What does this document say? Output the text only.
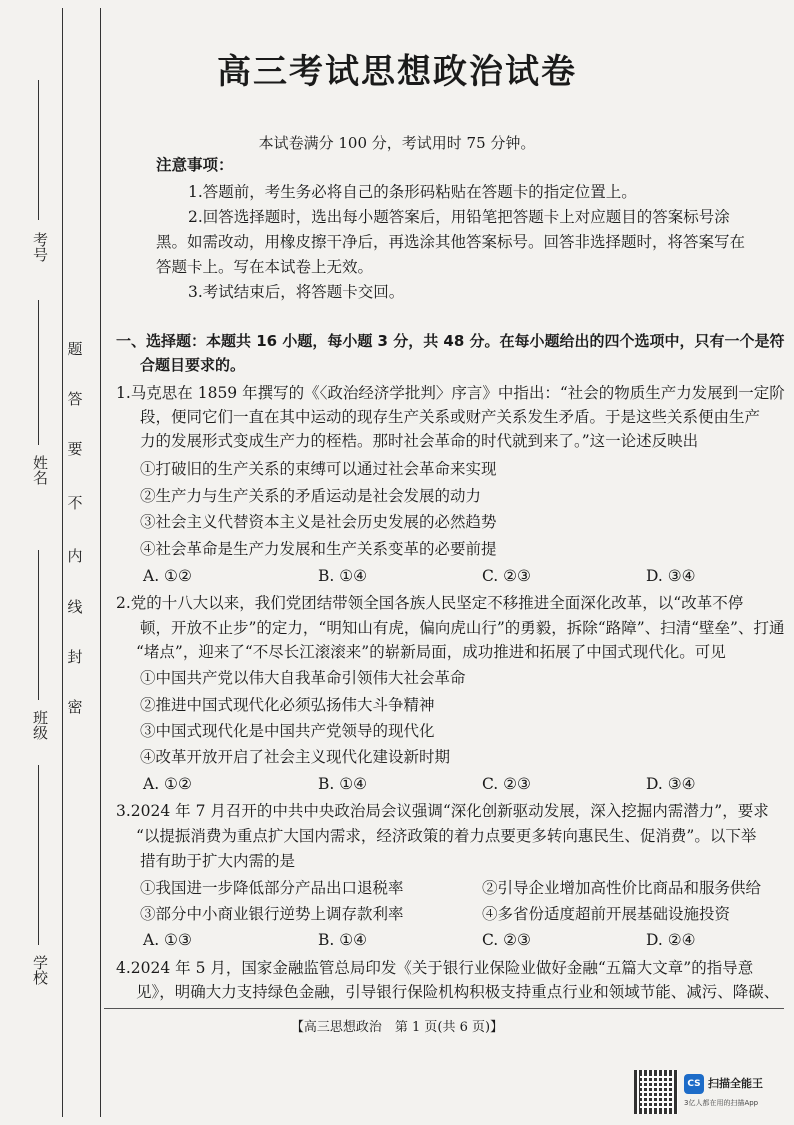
考号
姓名
班级
学校
题
答
要
不
内
线
封
密
高三考试思想政治试卷
本试卷满分 100 分，考试用时 75 分钟。
注意事项：
1.答题前，考生务必将自己的条形码粘贴在答题卡的指定位置上。
2.回答选择题时，选出每小题答案后，用铅笔把答题卡上对应题目的答案标号涂
黑。如需改动，用橡皮擦干净后，再选涂其他答案标号。回答非选择题时，将答案写在
答题卡上。写在本试卷上无效。
3.考试结束后，将答题卡交回。
一、选择题：本题共 16 小题，每小题 3 分，共 48 分。在每小题给出的四个选项中，只有一个是符
合题目要求的。
1.马克思在 1859 年撰写的《〈政治经济学批判〉序言》中指出：“社会的物质生产力发展到一定阶
段，便同它们一直在其中运动的现存生产关系或财产关系发生矛盾。于是这些关系便由生产
力的发展形式变成生产力的桎梏。那时社会革命的时代就到来了。”这一论述反映出
①打破旧的生产关系的束缚可以通过社会革命来实现
②生产力与生产关系的矛盾运动是社会发展的动力
③社会主义代替资本主义是社会历史发展的必然趋势
④社会革命是生产力发展和生产关系变革的必要前提
A. ①②	B. ①④	C. ②③	D. ③④
2.党的十八大以来，我们党团结带领全国各族人民坚定不移推进全面深化改革，以“改革不停
顿，开放不止步”的定力，“明知山有虎，偏向虎山行”的勇毅，拆除“路障”、扫清“壁垒”、打通
“堵点”，迎来了“不尽长江滚滚来”的崭新局面，成功推进和拓展了中国式现代化。可见
①中国共产党以伟大自我革命引领伟大社会革命
②推进中国式现代化必须弘扬伟大斗争精神
③中国式现代化是中国共产党领导的现代化
④改革开放开启了社会主义现代化建设新时期
A. ①②	B. ①④	C. ②③	D. ③④
3.2024 年 7 月召开的中共中央政治局会议强调“深化创新驱动发展，深入挖掘内需潜力”，要求
“以提振消费为重点扩大国内需求，经济政策的着力点要更多转向惠民生、促消费”。以下举
措有助于扩大内需的是
①我国进一步降低部分产品出口退税率	②引导企业增加高性价比商品和服务供给
③部分中小商业银行逆势上调存款利率	④多省份适度超前开展基础设施投资
A. ①③	B. ①④	C. ②③	D. ②④
4.2024 年 5 月，国家金融监管总局印发《关于银行业保险业做好金融“五篇大文章”的指导意
见》，明确大力支持绿色金融，引导银行保险机构积极支持重点行业和领域节能、减污、降碳、
【高三思想政治　第 1 页(共 6 页)】
CS 扫描全能王
3亿人都在用的扫描App
